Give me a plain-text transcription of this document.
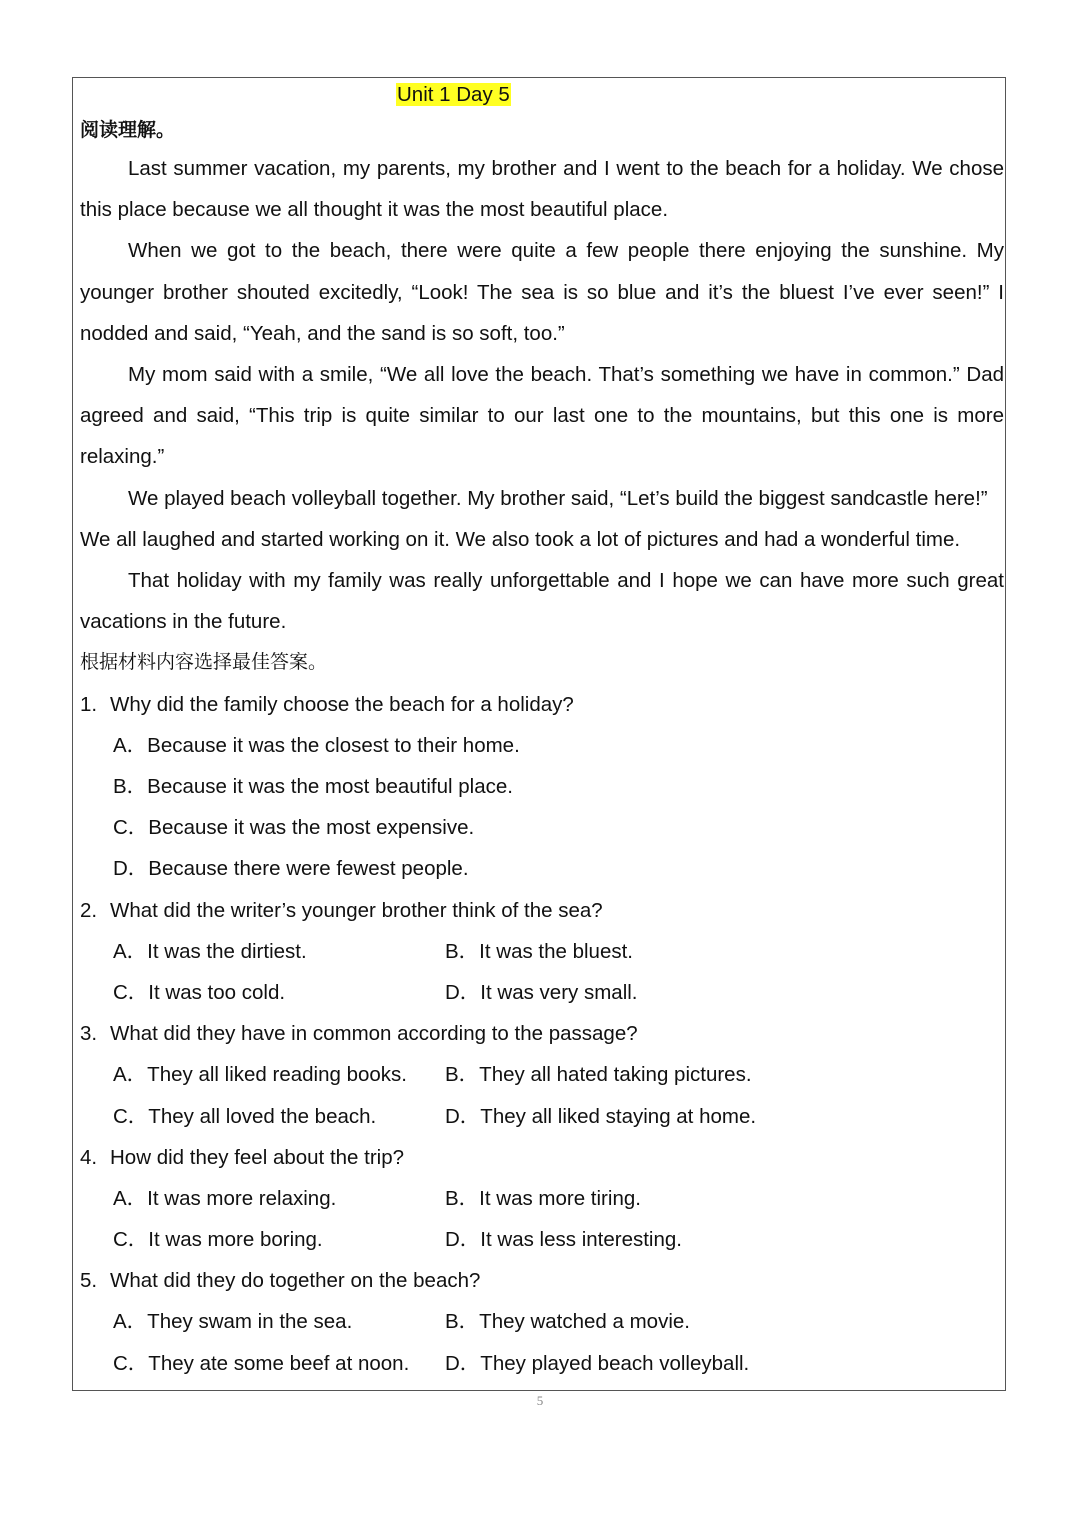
Unit 1 Day 5
阅读理解。

Last summer vacation, my parents, my brother and I went to the beach for a holiday. We chose this place because we all thought it was the most beautiful place.

When we got to the beach, there were quite a few people there enjoying the sunshine. My younger brother shouted excitedly, “Look! The sea is so blue and it’s the bluest I’ve ever seen!” I nodded and said, “Yeah, and the sand is so soft, too.”

My mom said with a smile, “We all love the beach. That’s something we have in common.” Dad agreed and said, “This trip is quite similar to our last one to the mountains, but this one is more relaxing.”

We played beach volleyball together. My brother said, “Let’s build the biggest sandcastle here!”

We all laughed and started working on it. We also took a lot of pictures and had a wonderful time.

That holiday with my family was really unforgettable and I hope we can have more such great vacations in the future.

根据材料内容选择最佳答案。
1. Why did the family choose the beach for a holiday?
A．Because it was the closest to their home.
B．Because it was the most beautiful place.
C．Because it was the most expensive.
D．Because there were fewest people.
2. What did the writer’s younger brother think of the sea?
A．It was the dirtiest.	B．It was the bluest.
C．It was too cold.	D．It was very small.
3. What did they have in common according to the passage?
A．They all liked reading books. B．They all hated taking pictures.
C．They all loved the beach.	D．They all liked staying at home.
4. How did they feel about the trip?
A．It was more relaxing.	B．It was more tiring.
C．It was more boring.	D．It was less interesting.
5. What did they do together on the beach?
A．They swam in the sea.	B．They watched a movie.
C．They ate some beef at noon. D．They played beach volleyball.
5
